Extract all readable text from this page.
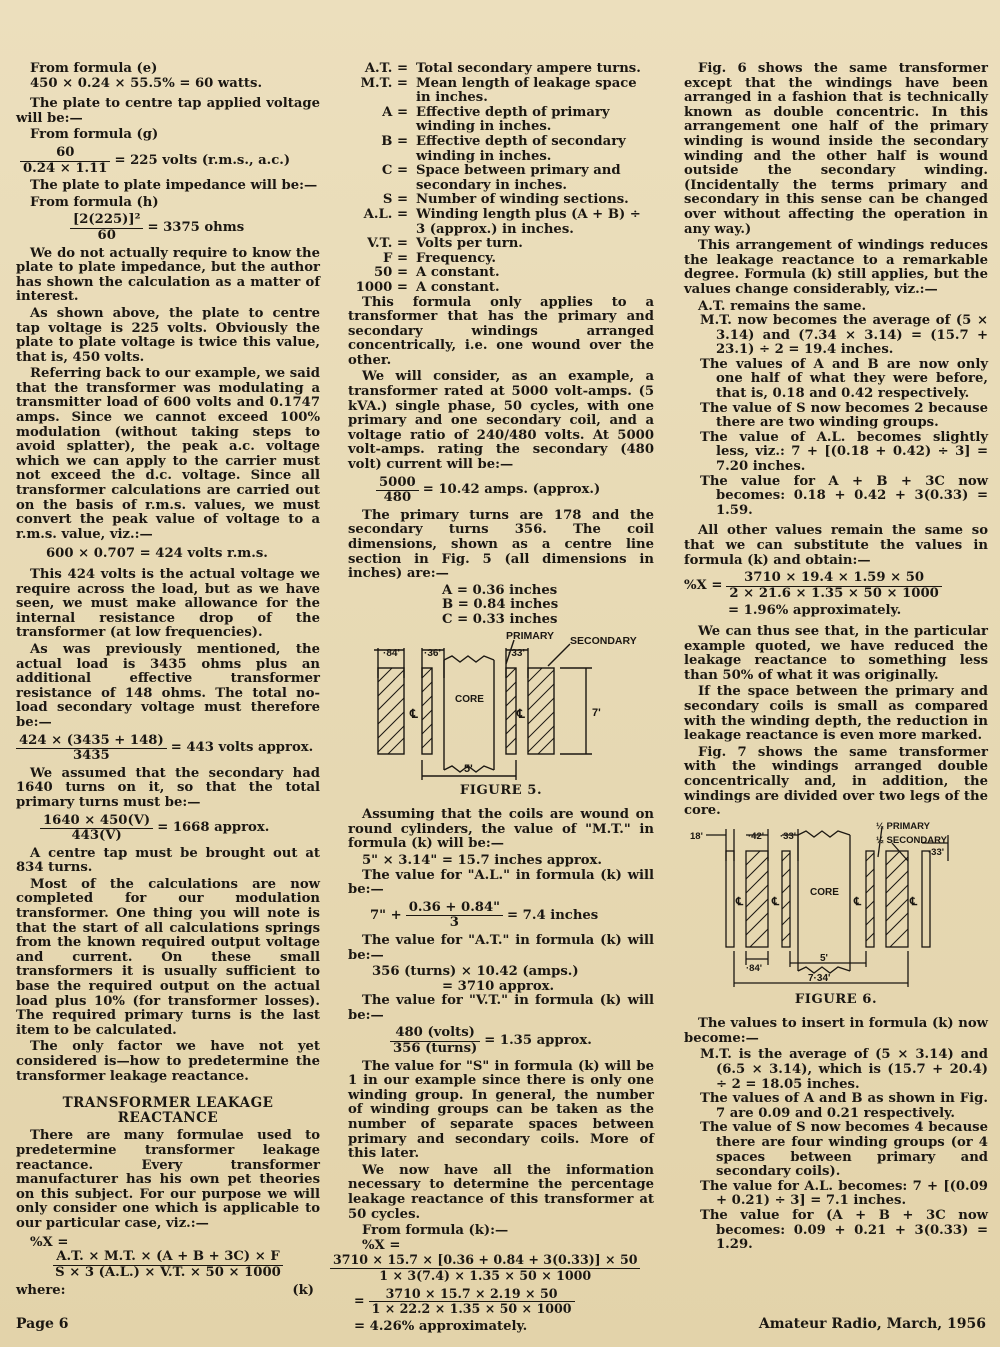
From formula (e)
450 × 0.24 × 55.5% = 60 watts.

The plate to centre tap applied voltage will be:—

From formula (g)
$\frac{60}{0.24 \times 1.11} = 225$ volts (r.m.s., a.c.)

The plate to plate impedance will be:—

From formula (h)
$\frac{\text{[2(225)]²}}{60} = 3375$ ohms

We do not actually require to know the plate to plate impedance, but the author has shown the calculation as a matter of interest.

As shown above, the plate to centre tap voltage is 225 volts. Obviously the plate to plate voltage is twice this value, that is, 450 volts.

Referring back to our example, we said that the transformer was modulating a transmitter load of 600 volts and 0.1747 amps. Since we cannot exceed 100% modulation (without taking steps to avoid splatter), the peak a.c. voltage which we can apply to the carrier must not exceed the d.c. voltage. Since all transformer calculations are carried out on the basis of r.m.s. values, we must convert the peak value of voltage to a r.m.s. value, viz.:—

600 × 0.707 = 424 volts r.m.s.

This 424 volts is the actual voltage we require across the load, but as we have seen, we must make allowance for the internal resistance drop of the transformer (at low frequencies).

As was previously mentioned, the actual load is 3435 ohms plus an additional effective transformer resistance of 148 ohms. The total no-load secondary voltage must therefore be:—

$\frac{424 \times (3435 + 148)}{3435} = 443$ volts approx.

We assumed that the secondary had 1640 turns on it, so that the total primary turns must be:—

$\frac{1640 \times 450(V)}{443(V)} = 1668$ approx.

A centre tap must be brought out at 834 turns.

Most of the calculations are now completed for our modulation transformer. One thing you will note is that the start of all calculations springs from the known required output voltage and current. On these small transformers it is usually sufficient to base the required output on the actual load plus 10% (for transformer losses). The required primary turns is the last item to be calculated.

The only factor we have not yet considered is—how to predetermine the transformer leakage reactance.

TRANSFORMER LEAKAGE
REACTANCE

There are many formulae used to predetermine transformer leakage reactance. Every transformer manufacturer has his own pet theories on this subject. For our purpose we will only consider one which is applicable to our particular case, viz.:—

%X =
$\frac{A.T. \times M.T. \times (A + B + 3C) \times F}{S \times 3 (A.L.) \times V.T. \times 50 \times 1000}$
where:	(k)
A.T. = Total secondary ampere turns.
M.T. = Mean length of leakage space in inches.
A = Effective depth of primary winding in inches.
B = Effective depth of secondary winding in inches.
C = Space between primary and secondary in inches.
S = Number of winding sections.
A.L. = Winding length plus (A + B) ÷ 3 (approx.) in inches.
V.T. = Volts per turn.
F = Frequency.
50 = A constant.
1000 = A constant.

This formula only applies to a transformer that has the primary and secondary windings arranged concentrically, i.e. one wound over the other.

We will consider, as an example, a transformer rated at 5000 volt-amps. (5 kVA.) single phase, 50 cycles, with one primary and one secondary coil, and a voltage ratio of 240/480 volts. At 5000 volt-amps. rating the secondary (480 volt) current will be:—

$\frac{5000}{480} = 10.42$ amps. (approx.)

The primary turns are 178 and the secondary turns 356. The coil dimensions, shown as a centre line section in Fig. 5 (all dimensions in inches) are:—

A = 0.36 inches
B = 0.84 inches
C = 0.33 inches
PRIMARY SECONDARY
·84' ·36'	·33'
CORE
7'
5'
℄	℄
FIGURE 5.

Assuming that the coils are wound on round cylinders, the value of "M.T." in formula (k) will be:—

5" × 3.14" = 15.7 inches approx.

The value for "A.L." in formula (k) will be:—

7" + $\frac{0.36 + 0.84"}{3} = 7.4$ inches

The value for "A.T." in formula (k) will be:—

356 (turns) × 10.42 (amps.)
= 3710 approx.

The value for "V.T." in formula (k) will be:—

$\frac{\text{480 (volts)}}{\text{356 (turns)}} = 1.35$ approx.

The value for "S" in formula (k) will be 1 in our example since there is only one winding group. In general, the number of winding groups can be taken as the number of separate spaces between primary and secondary coils. More of this later.

We now have all the information necessary to determine the percentage leakage reactance of this transformer at 50 cycles.

From formula (k):—
%X =
$\frac{3710 \times 15.7 \times [0.36 + 0.84 + 3(0.33)] \times 50}{1 \times 3(7.4) \times 1.35 \times 50 \times 1000}$
= $\frac{3710 \times 15.7 \times 2.19 \times 50}{1 \times 22.2 \times 1.35 \times 50 \times 1000}$
= 4.26% approximately.

Fig. 6 shows the same transformer except that the windings have been arranged in a fashion that is technically known as double concentric. In this arrangement one half of the primary winding is wound inside the secondary winding and the other half is wound outside the secondary winding. (Incidentally the terms primary and secondary in this sense can be changed over without affecting the operation in any way.)

This arrangement of windings reduces the leakage reactance to a remarkable degree. Formula (k) still applies, but the values change considerably, viz.:—

A.T. remains the same.
M.T. now becomes the average of (5 × 3.14) and (7.34 × 3.14) = (15.7 + 23.1) ÷ 2 = 19.4 inches.
The values of A and B are now only one half of what they were before, that is, 0.18 and 0.42 respectively.
The value of S now becomes 2 because there are two winding groups.
The value of A.L. becomes slightly less, viz.: 7 + [(0.18 + 0.42) ÷ 3] = 7.20 inches.
The value for A + B + 3C now becomes: 0.18 + 0.42 + 3(0.33) = 1.59.

All other values remain the same so that we can substitute the values in formula (k) and obtain:—

$\%X = \frac{3710 \times 19.4 \times 1.59 \times 50}{2 \times 21.6 \times 1.35 \times 50 \times 1000}$
= 1.96% approximately.

We can thus see that, in the particular example quoted, we have reduced the leakage reactance to something less than 50% of what it was originally.

If the space between the primary and secondary coils is small as compared with the winding depth, the reduction in leakage reactance is even more marked.

Fig. 7 shows the same transformer with the windings arranged double concentrically and, in addition, the windings are divided over two legs of the core.

½ PRIMARY
½ SECONDARY
18'	·42' ·33'
·33'
CORE
·84'
5'
7·34'
℄	℄	℄	℄
FIGURE 6.

The values to insert in formula (k) now become:—

M.T. is the average of (5 × 3.14) and (6.5 × 3.14), which is (15.7 + 20.4) ÷ 2 = 18.05 inches.
The values of A and B as shown in Fig. 7 are 0.09 and 0.21 respectively.
The value of S now becomes 4 because there are four winding groups (or 4 spaces between primary and secondary coils).
The value for A.L. becomes: 7 + [(0.09 + 0.21) ÷ 3] = 7.1 inches.
The value for (A + B + 3C now becomes: 0.09 + 0.21 + 3(0.33) = 1.29.
Page 6	Amateur Radio, March, 1956
